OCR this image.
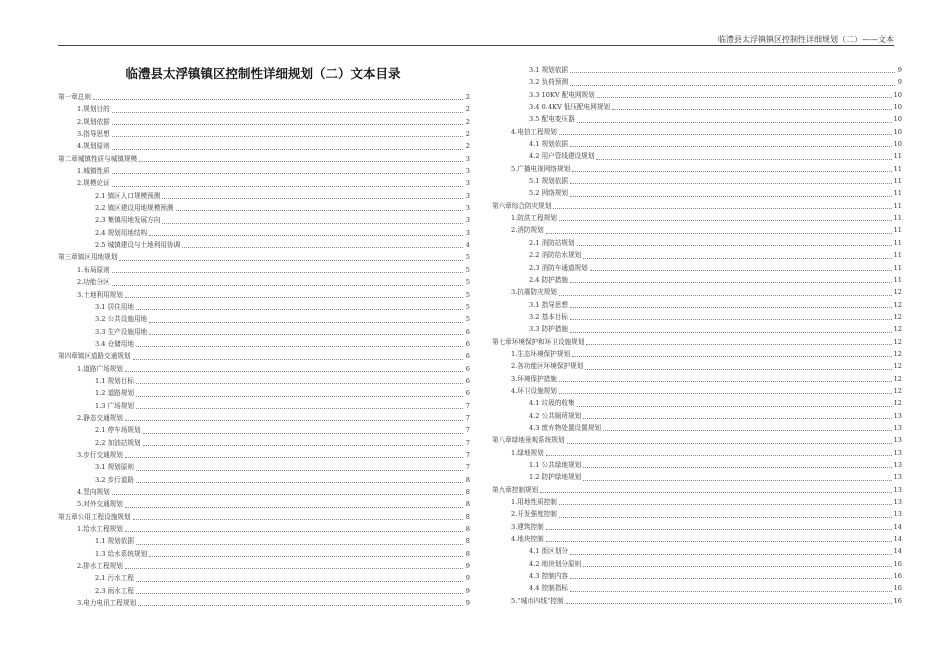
临澧县太浮镇镇区控制性详细规划（二）——文本
临澧县太浮镇镇区控制性详细规划（二）文本目录
第一章总则	2
1.规划目的	2
2.规划依据	2
3.指导思想	2
4.规划原则	2
第二章城镇性质与城镇规模	3
1.城镇性质	3
2.规模论证	3
2.1 镇区人口规模预测	3
2.2 镇区建设用地规模预测	3
2.3 集镇用地发展方向	3
2.4 规划用地结构	3
2.5 城镇建设与土地利用协调	4
第三章镇区用地规划	5
1.布局原则	5
2.功能分区	5
3.土地利用规划	5
3.1 居住用地	5
3.2 公共设施用地	5
3.3 生产设施用地	6
3.4 仓储用地	6
第四章镇区道路交通规划	6
1.道路广场规划	6
1.1 规划目标	6
1.2 道路规划	6
1.3 广场规划	7
2.静态交通规划	7
2.1 停车场规划	7
2.2 加油站规划	7
3.步行交通规划	7
3.1 规划原则	7
3.2 步行道路	8
4.竖向规划	8
5.对外交通规划	8
第五章公用工程设施规划	8
1.给水工程规划	8
1.1 规划依据	8
1.3 给水系统规划	8
2.排水工程规划	9
2.1 污水工程	9
2.3 雨水工程	9
3.电力电讯工程规划	9
3.1 规划依据	9
3.2 负荷预测	9
3.3 10KV 配电网规划	10
3.4 0.4KV 低压配电网规划	10
3.5 配电变压器	10
4.电信工程规划	10
4.1 规划依据	10
4.2 用户管线建设规划	11
5.广播电视网络规划	11
5.1 规划依据	11
5.2 网络规划	11
第六章综合防灾规划	11
1.防洪工程规划	11
2.消防规划	11
2.1 消防站规划	11
2.2 消防给水规划	11
2.3 消防车通道规划	11
2.4 防护措施	11
3.抗震防灾规划	12
3.1 指导思想	12
3.2 基本目标	12
3.3 防护措施	12
第七章环境保护和环卫设施规划	12
1.生态环境保护规划	12
2.各功能区环境保护规划	12
3.环境保护措施	12
4.环卫设施规划	12
4.1 垃圾的收集	12
4.2 公共厕所规划	13
4.3 废弃物处置设置规划	13
第八章绿地景观系统规划	13
1.绿地规划	13
1.1 公共绿地规划	13
1.2 防护绿地规划	13
第九章控制规划	13
1.用地性质控制	13
2.开发强度控制	13
3.建筑控制	14
4.地块控制	14
4.1 街区划分	14
4.2 地块划分原则	16
4.3 控制内容	16
4.4 控制指标	16
5.“城市四线”控制	16
